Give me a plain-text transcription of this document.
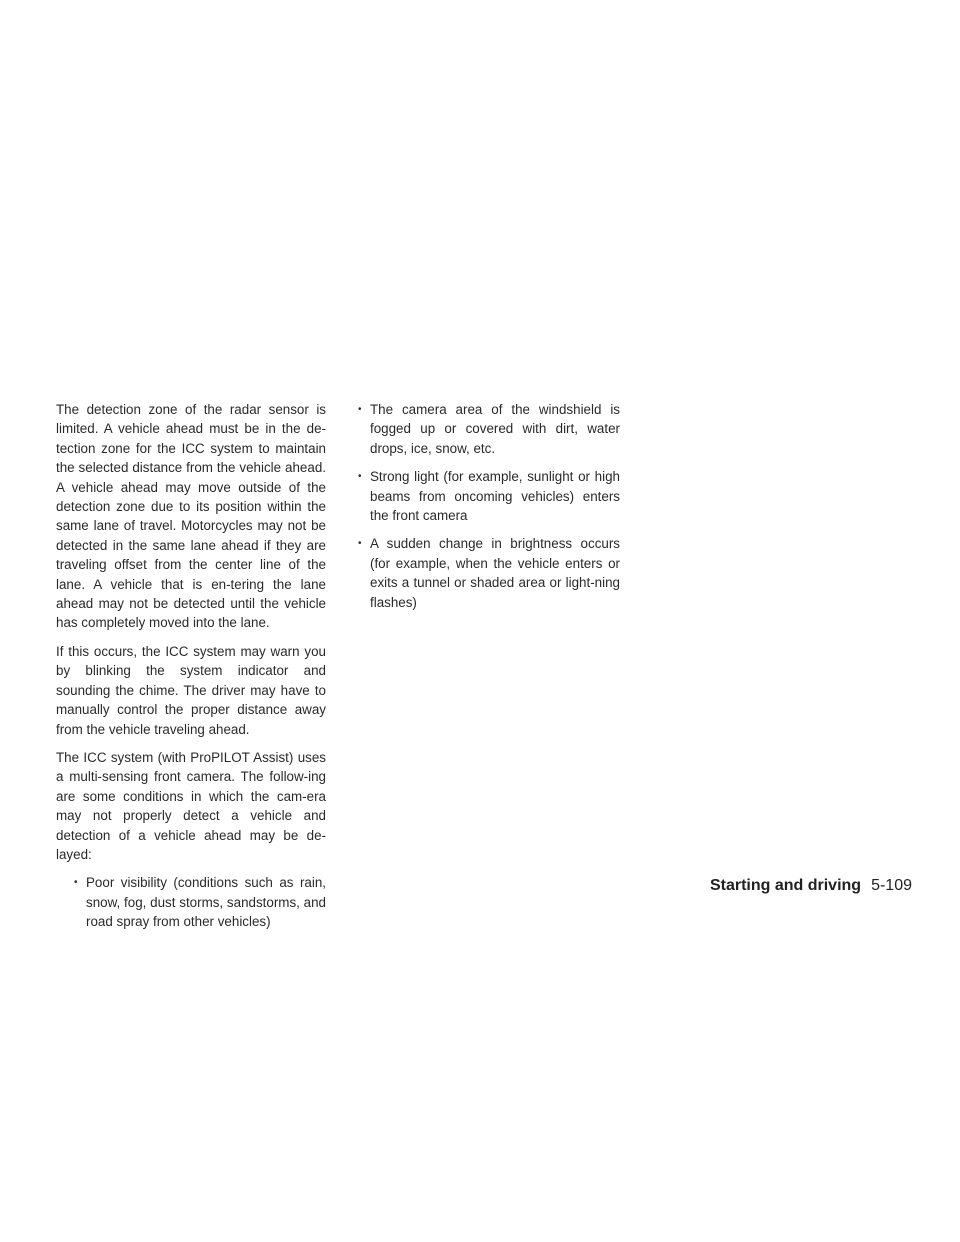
The detection zone of the radar sensor is limited. A vehicle ahead must be in the de-tection zone for the ICC system to maintain the selected distance from the vehicle ahead. A vehicle ahead may move outside of the detection zone due to its position within the same lane of travel. Motorcycles may not be detected in the same lane ahead if they are traveling offset from the center line of the lane. A vehicle that is en-tering the lane ahead may not be detected until the vehicle has completely moved into the lane.

If this occurs, the ICC system may warn you by blinking the system indicator and sounding the chime. The driver may have to manually control the proper distance away from the vehicle traveling ahead.

The ICC system (with ProPILOT Assist) uses a multi-sensing front camera. The follow-ing are some conditions in which the cam-era may not properly detect a vehicle and detection of a vehicle ahead may be de-layed:

• Poor visibility (conditions such as rain, snow, fog, dust storms, sandstorms, and road spray from other vehicles)
• The camera area of the windshield is fogged up or covered with dirt, water drops, ice, snow, etc.
• Strong light (for example, sunlight or high beams from oncoming vehicles) enters the front camera
• A sudden change in brightness occurs (for example, when the vehicle enters or exits a tunnel or shaded area or light-ning flashes)
Starting and driving 5-109
